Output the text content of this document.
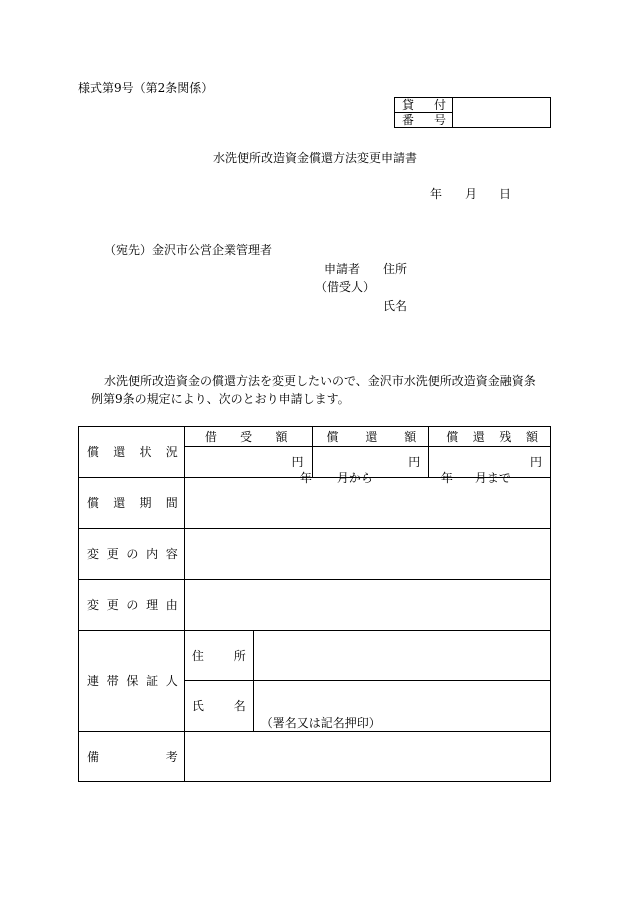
様式第9号（第2条関係）
貸 付

番 号
水洗便所改造資金償還方法変更申請書
年 月 日
（宛先）金沢市公営企業管理者
申請者 住所
（借受人）
氏名
水洗便所改造資金の償還方法を変更したいので、金沢市水洗便所改造資金融資条
例第9条の規定により、次のとおり申請します。
償 還 状 況	借 受 額		償 還 額	償 還 残 額

	円		円	円

償 還 期 間	年 月から 年 月まで			

変 更 の 内 容				

変 更 の 理 由				

連 帯 保 証 人	住 所			

	氏 名	（署名又は記名押印）		

備 考				
